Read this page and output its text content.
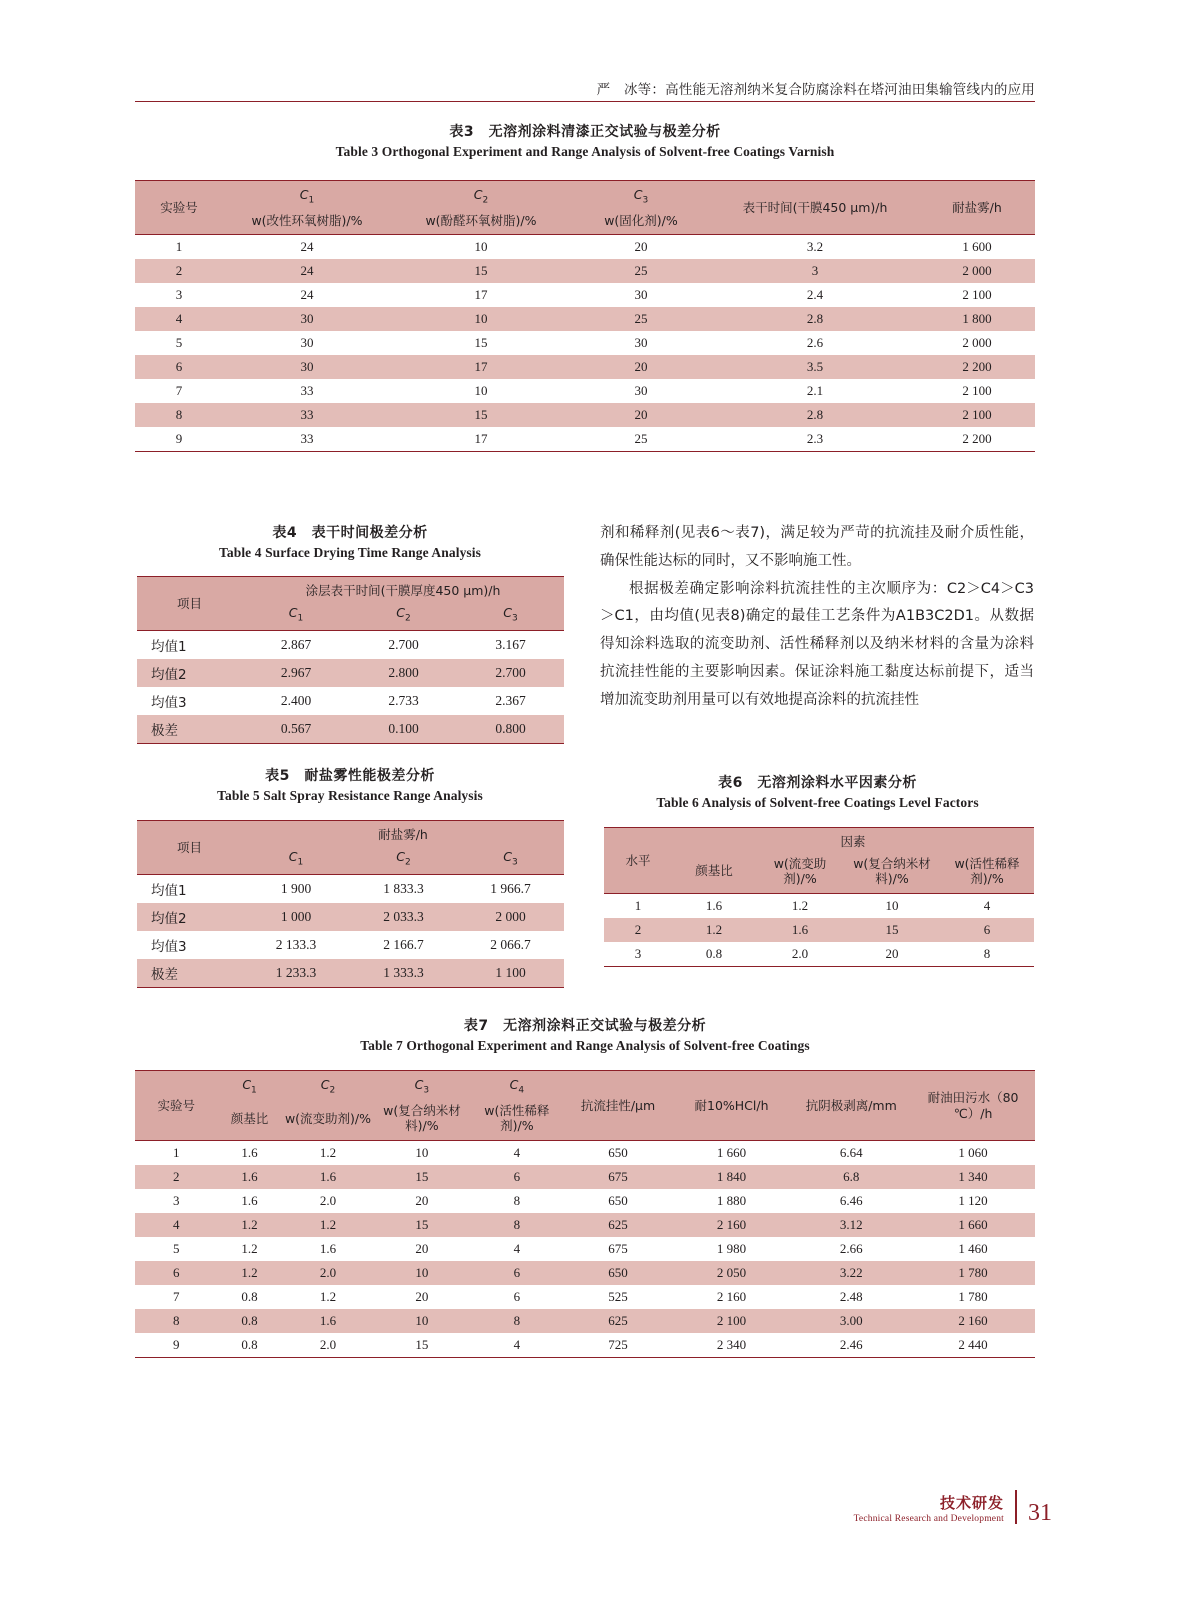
严　冰等：高性能无溶剂纳米复合防腐涂料在塔河油田集输管线内的应用
表3　无溶剂涂料清漆正交试验与极差分析
Table 3 Orthogonal Experiment and Range Analysis of Solvent-free Coatings Varnish
实验号	$C_1$	$C_2$	$C_3$	表干时间(干膜450 μm)/h	耐盐雾/h
	w(改性环氧树脂)/%	w(酚醛环氧树脂)/%	w(固化剂)/%		
1	24	10	20	3.2	1 600
2	24	15	25	3	2 000
3	24	17	30	2.4	2 100
4	30	10	25	2.8	1 800
5	30	15	30	2.6	2 000
6	30	17	20	3.5	2 200
7	33	10	30	2.1	2 100
8	33	15	20	2.8	2 100
9	33	17	25	2.3	2 200
表4　表干时间极差分析
Table 4 Surface Drying Time Range Analysis
项目	涂层表干时间(干膜厚度450 μm)/h		
	$C_1$	$C_2$	$C_3$
均值1	2.867	2.700	3.167
均值2	2.967	2.800	2.700
均值3	2.400	2.733	2.367
极差	0.567	0.100	0.800
表5　耐盐雾性能极差分析
Table 5 Salt Spray Resistance Range Analysis
项目	耐盐雾/h		
	$C_1$	$C_2$	$C_3$
均值1	1 900	1 833.3	1 966.7
均值2	1 000	2 033.3	2 000
均值3	2 133.3	2 166.7	2 066.7
极差	1 233.3	1 333.3	1 100

剂和稀释剂(见表6～表7)，满足较为严苛的抗流挂及耐介质性能，确保性能达标的同时，又不影响施工性。

根据极差确定影响涂料抗流挂性的主次顺序为：C2＞C4＞C3＞C1，由均值(见表8)确定的最佳工艺条件为A1B3C2D1。从数据得知涂料选取的流变助剂、活性稀释剂以及纳米材料的含量为涂料抗流挂性能的主要影响因素。保证涂料施工黏度达标前提下，适当增加流变助剂用量可以有效地提高涂料的抗流挂性

表6　无溶剂涂料水平因素分析
Table 6 Analysis of Solvent-free Coatings Level Factors
水平	因素			
	颜基比	w(流变助剂)/%	w(复合纳米材料)/%	w(活性稀释剂)/%
1	1.6	1.2	10	4
2	1.2	1.6	15	6
3	0.8	2.0	20	8
表7　无溶剂涂料正交试验与极差分析
Table 7 Orthogonal Experiment and Range Analysis of Solvent-free Coatings
实验号	$C_1$	$C_2$	$C_3$	$C_4$	抗流挂性/μm	耐10%HCl/h	抗阴极剥离/mm	耐油田污水（80 ℃）/h
	颜基比	w(流变助剂)/%	w(复合纳米材料)/%	w(活性稀释剂)/%				
1	1.6	1.2	10	4	650	1 660	6.64	1 060
2	1.6	1.6	15	6	675	1 840	6.8	1 340
3	1.6	2.0	20	8	650	1 880	6.46	1 120
4	1.2	1.2	15	8	625	2 160	3.12	1 660
5	1.2	1.6	20	4	675	1 980	2.66	1 460
6	1.2	2.0	10	6	650	2 050	3.22	1 780
7	0.8	1.2	20	6	525	2 160	2.48	1 780
8	0.8	1.6	10	8	625	2 100	3.00	2 160
9	0.8	2.0	15	4	725	2 340	2.46	2 440
技术研发
Technical Research and Development 31
